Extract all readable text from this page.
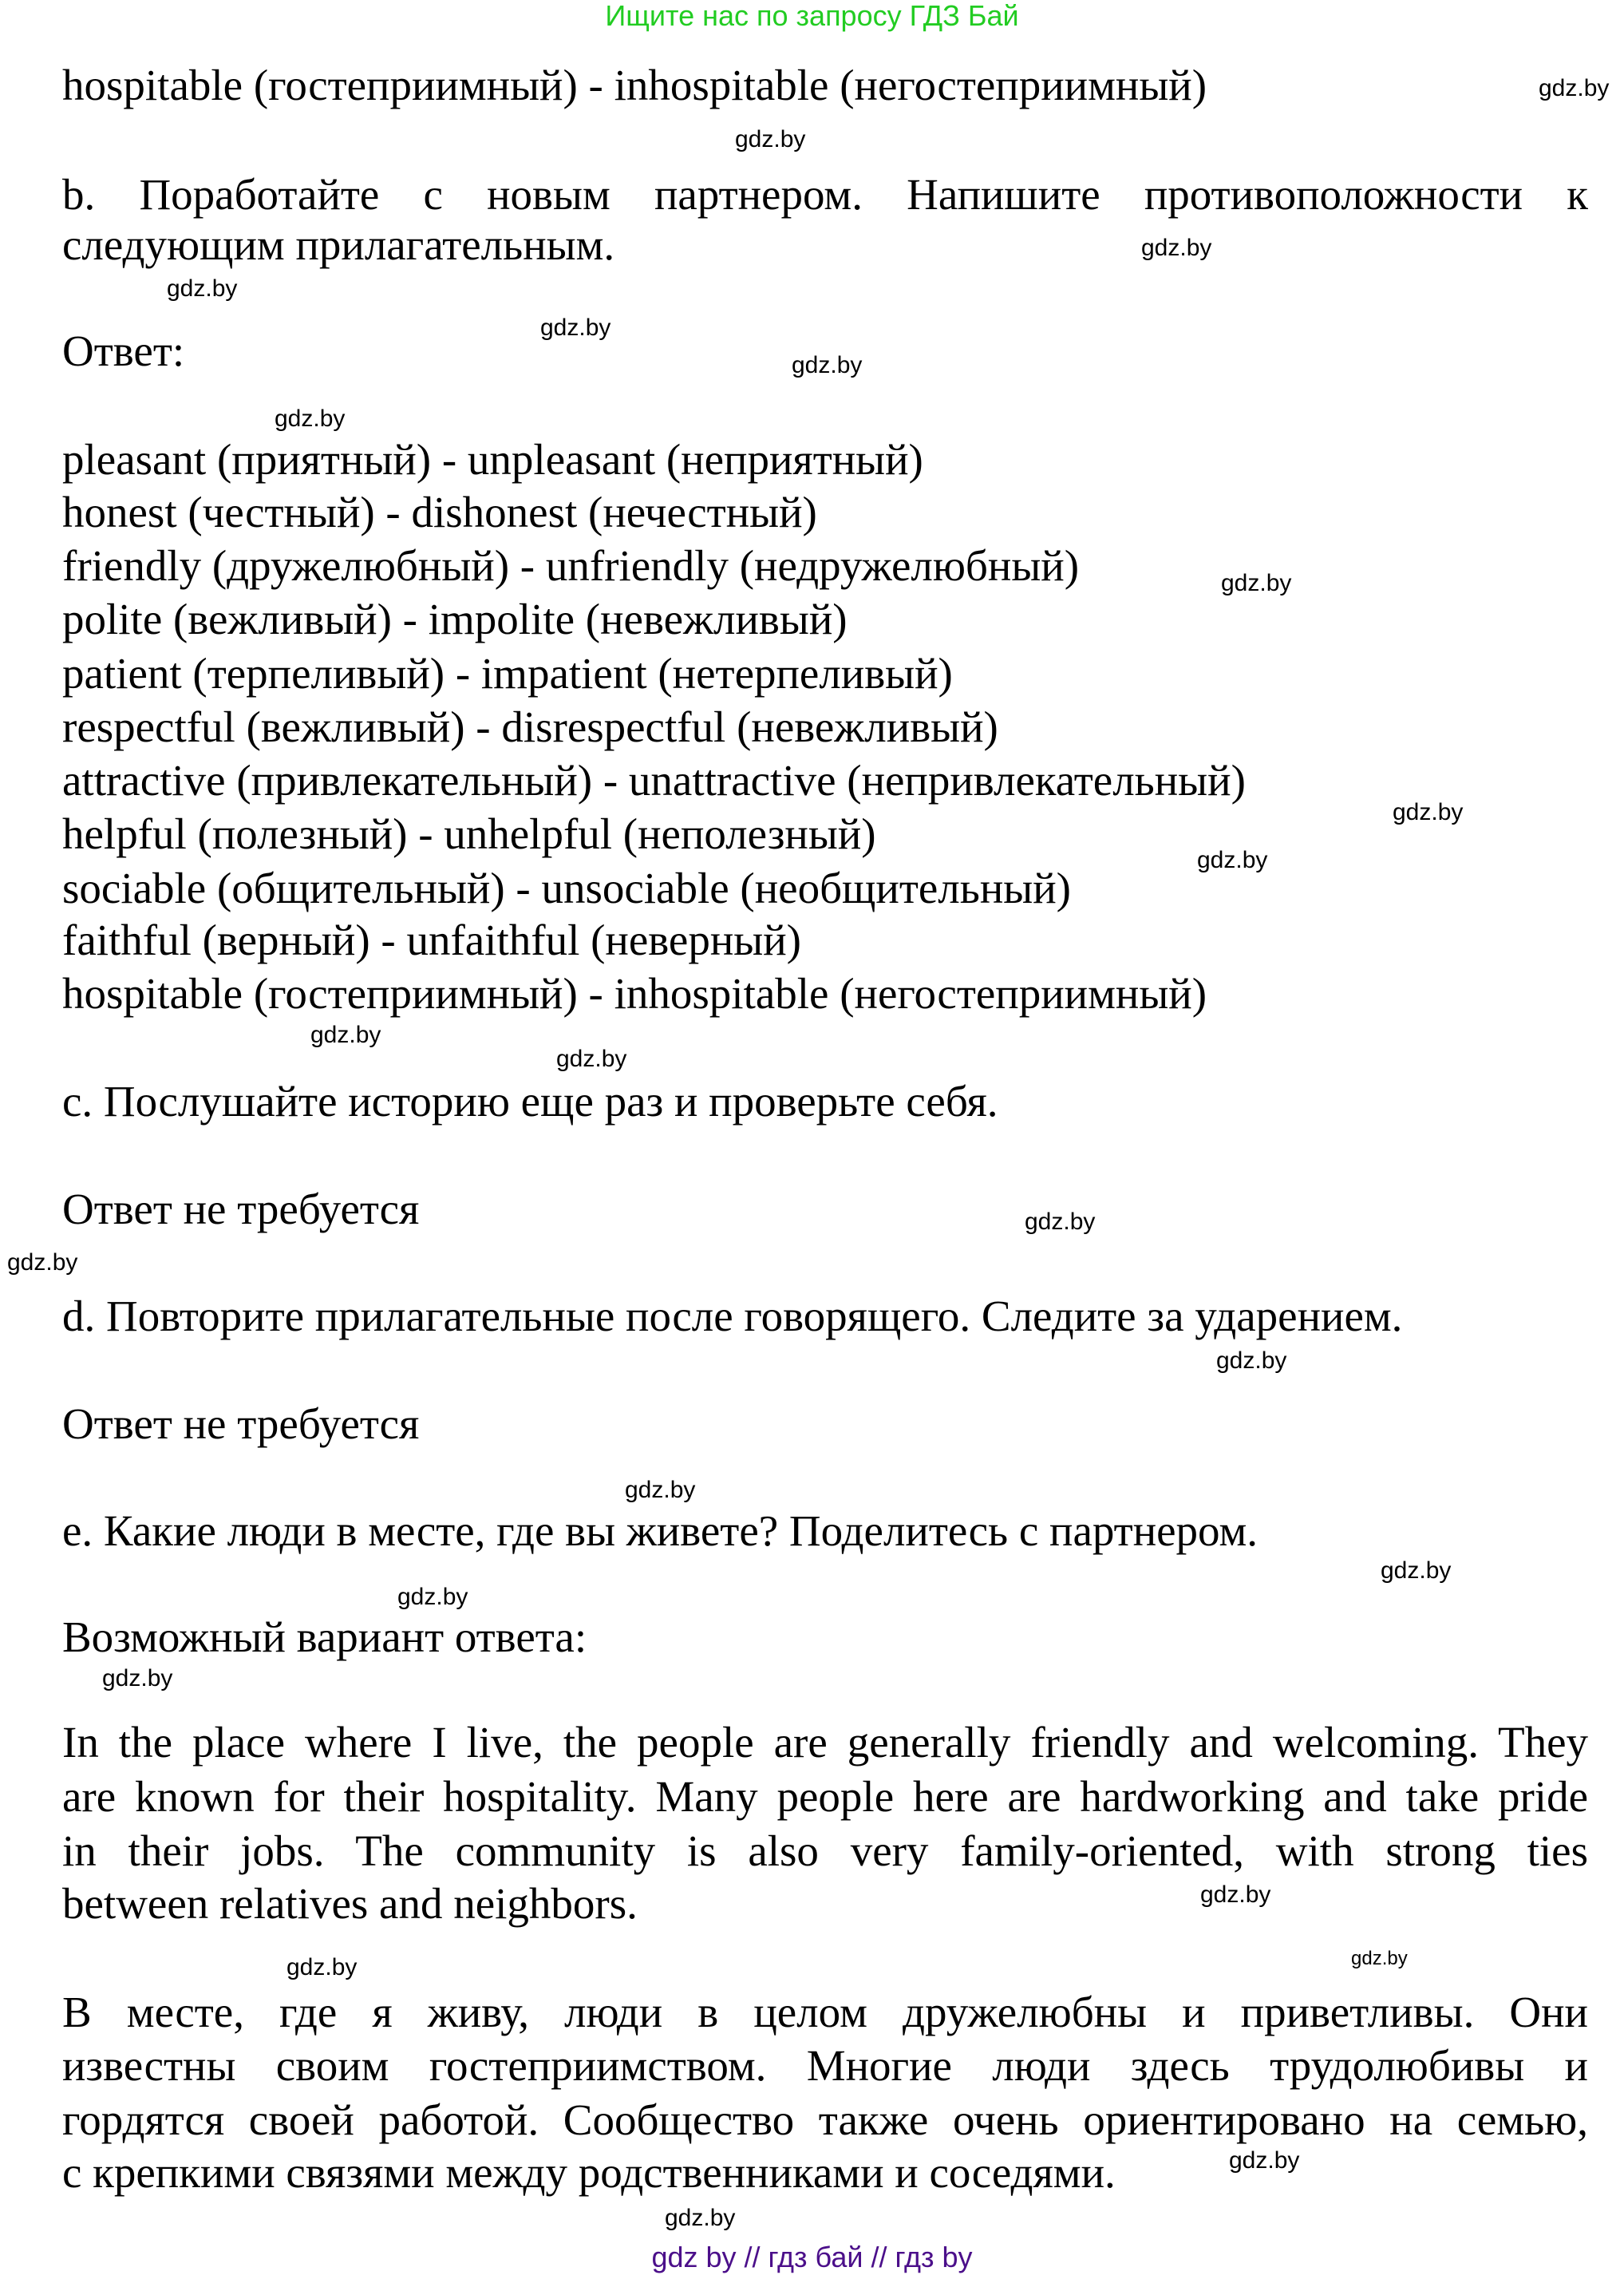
Ищите нас по запросу ГДЗ Бай
hospitable (гостеприимный) - inhospitable (негостеприимный)
b. Поработайте с новым партнером. Напишите противоположности к
следующим прилагательным.
Ответ:
pleasant (приятный) - unpleasant (неприятный)
honest (честный) - dishonest (нечестный)
friendly (дружелюбный) - unfriendly (недружелюбный)
polite (вежливый) - impolite (невежливый)
patient (терпеливый) - impatient (нетерпеливый)
respectful (вежливый) - disrespectful (невежливый)
attractive (привлекательный) - unattractive (непривлекательный)
helpful (полезный) - unhelpful (неполезный)
sociable (общительный) - unsociable (необщительный)
faithful (верный) - unfaithful (неверный)
hospitable (гостеприимный) - inhospitable (негостеприимный)
c. Послушайте историю еще раз и проверьте себя.
Ответ не требуется
d. Повторите прилагательные после говорящего. Следите за ударением.
Ответ не требуется
e. Какие люди в месте, где вы живете? Поделитесь с партнером.
Возможный вариант ответа:
In the place where I live, the people are generally friendly and welcoming. They
are known for their hospitality. Many people here are hardworking and take pride
in their jobs. The community is also very family-oriented, with strong ties
between relatives and neighbors.
В месте, где я живу, люди в целом дружелюбны и приветливы. Они
известны своим гостеприимством. Многие люди здесь трудолюбивы и
гордятся своей работой. Сообщество также очень ориентировано на семью,
с крепкими связями между родственниками и соседями.
gdz.by
gdz.by
gdz.by
gdz.by
gdz.by
gdz.by
gdz.by
gdz.by
gdz.by
gdz.by
gdz.by
gdz.by
gdz.by
gdz.by
gdz.by
gdz.by
gdz.by
gdz.by
gdz.by
gdz.by
gdz.by	gdz.by
gdz.by
gdz.by
gdz by // гдз бай // гдз by
